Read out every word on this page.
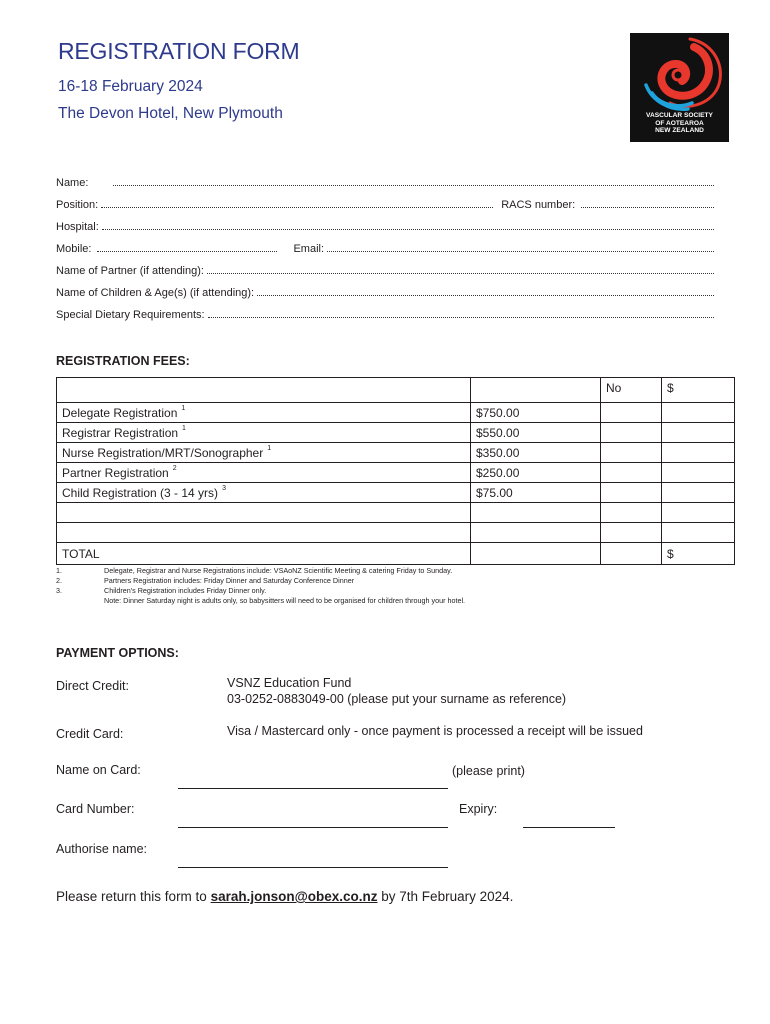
REGISTRATION FORM
16-18 February 2024
The Devon Hotel, New Plymouth	VASCULAR SOCIETY
OF AOTEAROA
NEW ZEALAND
Name:
Position:	RACS number:
Hospital:
Mobile:	Email:
Name of Partner (if attending):
Name of Children & Age(s) (if attending):
Special Dietary Requirements:
REGISTRATION FEES:
		No	$
Delegate Registration $^1$	$750.00		
Registrar Registration $^1$	$550.00		
Nurse Registration/MRT/Sonographer $^1$	$350.00		
Partner Registration $^2$	$250.00		
Child Registration (3 - 14 yrs) $^3$	$75.00		

TOTAL			$
1.	Delegate, Registrar and Nurse Registrations include: VSAoNZ Scientific Meeting & catering Friday to Sunday.
2.	Partners Registration includes: Friday Dinner and Saturday Conference Dinner
3.	Children's Registration includes Friday Dinner only.
Note: Dinner Saturday night is adults only, so babysitters will need to be organised for children through your hotel.
PAYMENT OPTIONS:
Direct Credit:	VSNZ Education Fund
03-0252-0883049-00 (please put your surname as reference)
Credit Card:	Visa / Mastercard only - once payment is processed a receipt will be issued
Name on Card:	(please print)
Card Number:	Expiry:
Authorise name:
Please return this form to sarah.jonson@obex.co.nz by 7th February 2024.
